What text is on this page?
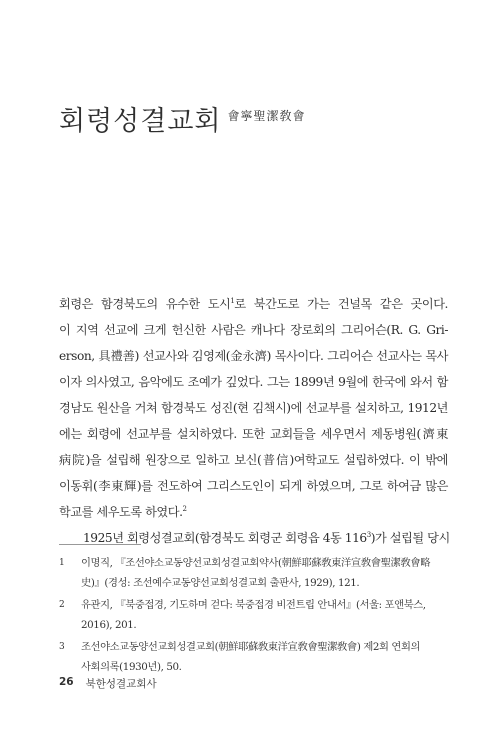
회령성결교회 會寧聖潔敎會

회령은 함경북도의 유수한 도시$^1$로 북간도로 가는 건널목 같은 곳이다.
이 지역 선교에 크게 헌신한 사람은 캐나다 장로회의 그리어슨(R. G. Gri-
erson, 具禮善) 선교사와 김영제(金永濟) 목사이다. 그리어슨 선교사는 목사
이자 의사였고, 음악에도 조예가 깊었다. 그는 1899년 9월에 한국에 와서 함
경남도 원산을 거쳐 함경북도 성진(현 김책시)에 선교부를 설치하고, 1912년
에는 회령에 선교부를 설치하였다. 또한 교회들을 세우면서 제동병원(濟東
病院)을 설립해 원장으로 일하고 보신(普信)여학교도 설립하였다. 이 밖에
이동휘(李東輝)를 전도하여 그리스도인이 되게 하였으며, 그로 하여금 많은
학교를 세우도록 하였다.$^2$

1925년 회령성결교회(함경북도 회령군 회령읍 4동 $116^3$)가 설립될 당시

1	이명직, 『조선야소교동양선교회성결교회약사(朝鮮耶蘇敎東洋宣敎會聖潔敎會略
史)』(경성: 조선예수교동양선교회성결교회 출판사, 1929), 121.
2	유관지, 『북중접경, 기도하며 걷다: 북중접경 비전트립 안내서』(서울: 포앤북스,
2016), 201.
3	조선야소교동양선교회성결교회(朝鮮耶蘇敎東洋宣敎會聖潔敎會) 제2회 연회의
사회의록(1930년), 50.
26 북한성결교회사
